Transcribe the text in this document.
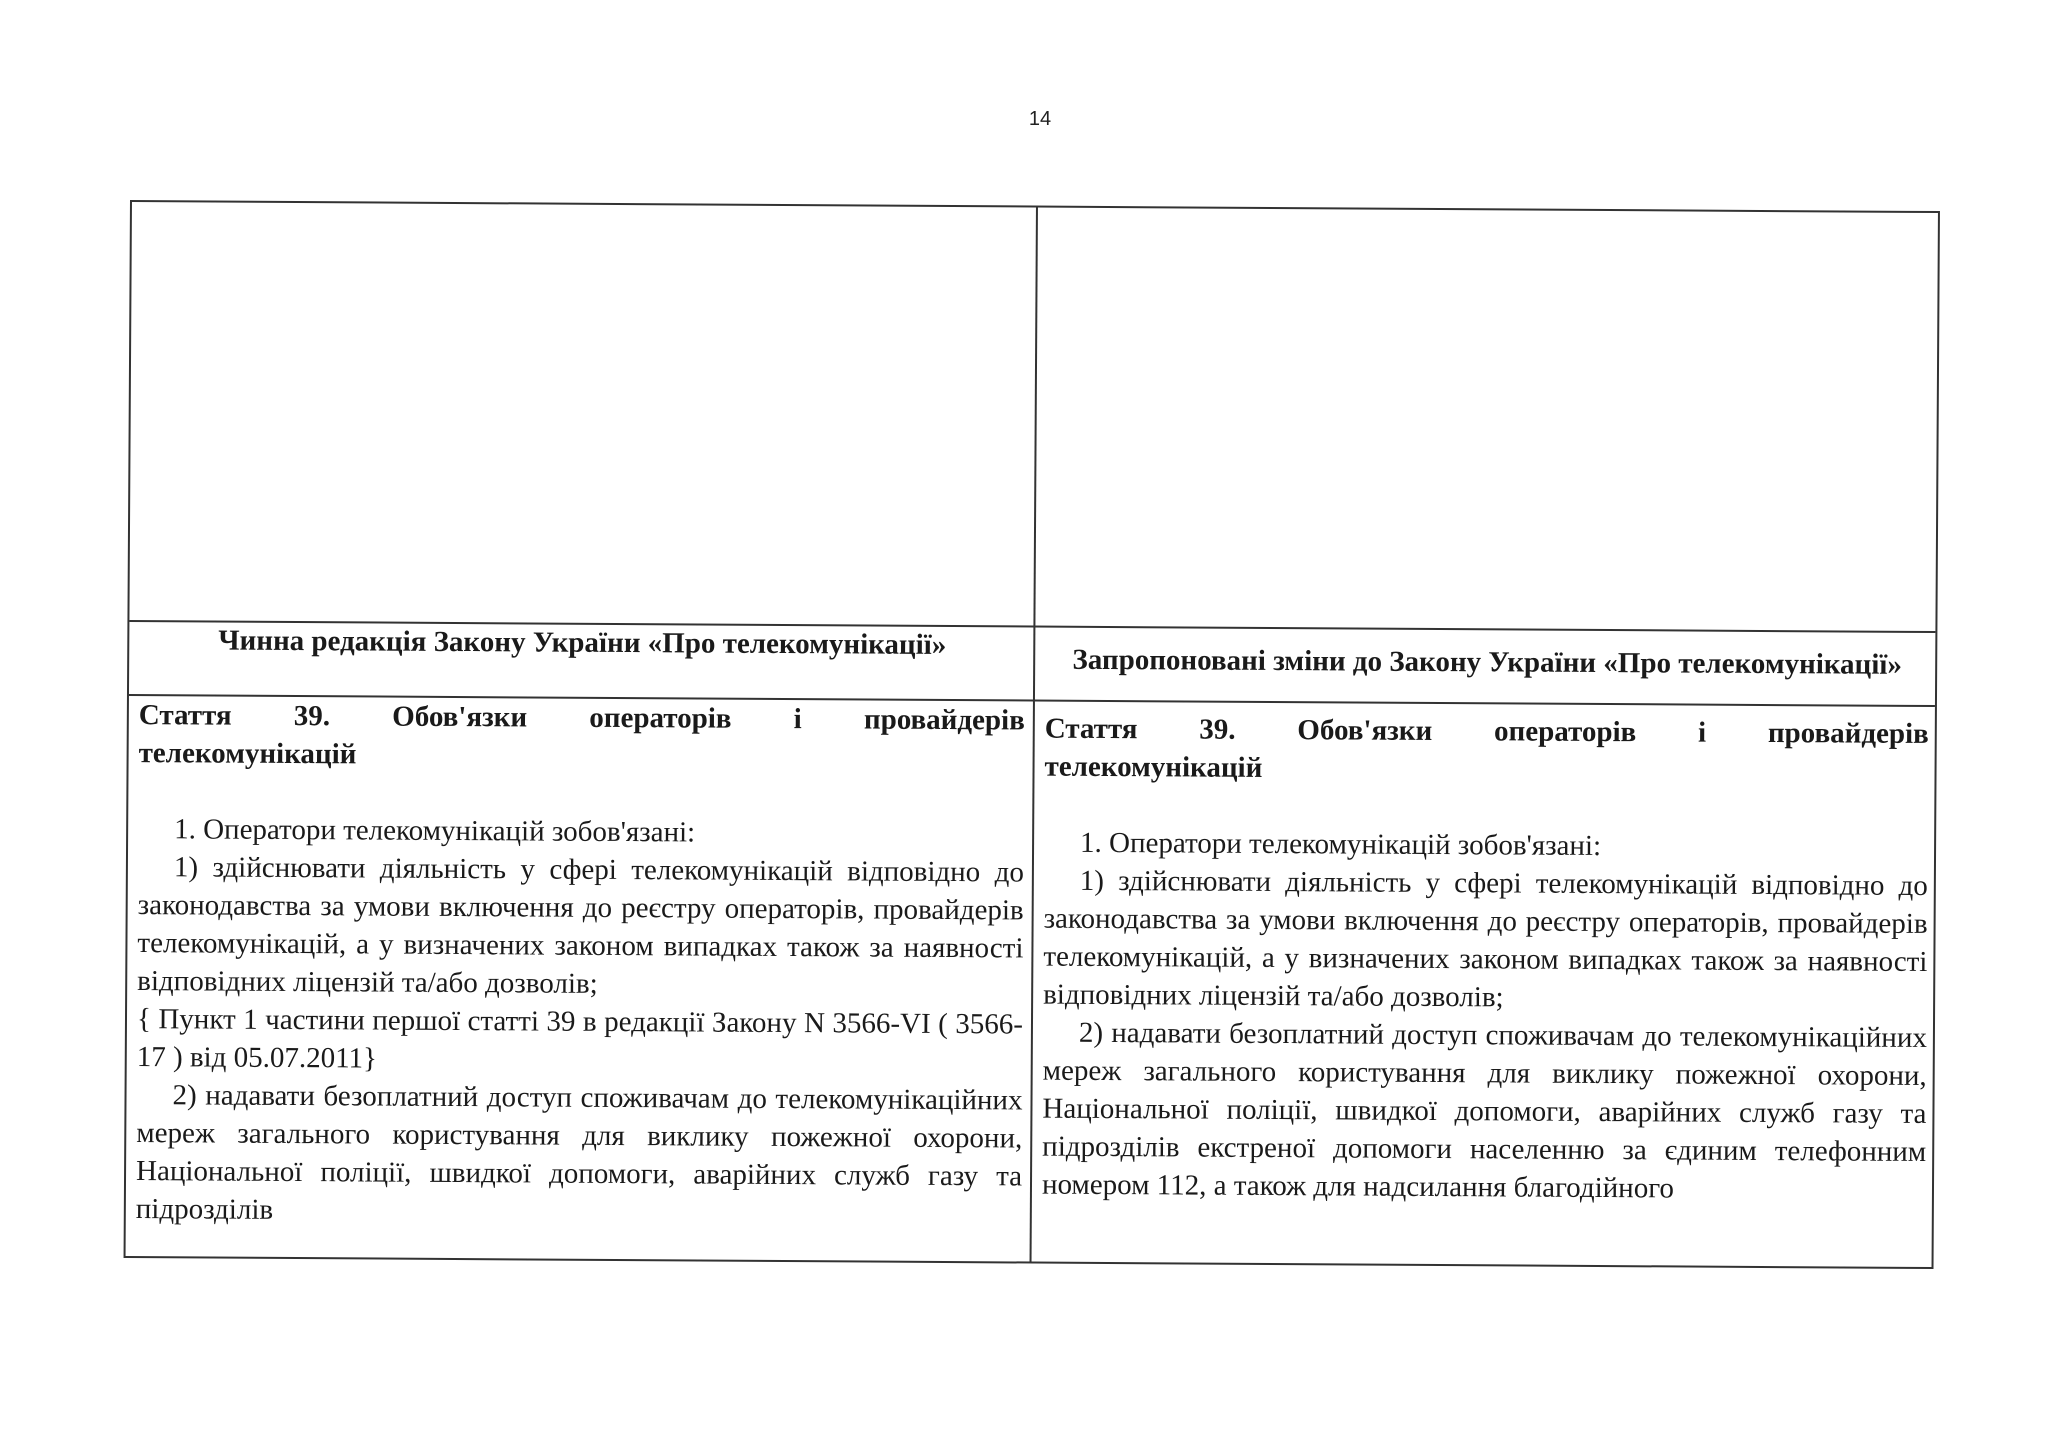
14
Чинна редакція Закону України «Про телекомунікації»
Запропоновані зміни до Закону України «Про телекомунікації»

Стаття 39. Обов'язки операторів і провайдерів телекомунікацій

1. Оператори телекомунікацій зобов'язані:

1) здійснювати діяльність у сфері телекомунікацій відповідно до законодавства за умови включення до реєстру операторів, провайдерів телекомунікацій, а у визначених законом випадках також за наявності відповідних ліцензій та/або дозволів;

{ Пункт 1 частини першої статті 39 в редакції Закону N 3566-VI ( 3566-17 ) від 05.07.2011}

2) надавати безоплатний доступ споживачам до телекомунікаційних мереж загального користування для виклику пожежної охорони, Національної поліції, швидкої допомоги, аварійних служб газу та підрозділів

Стаття 39. Обов'язки операторів і провайдерів телекомунікацій

1. Оператори телекомунікацій зобов'язані:

1) здійснювати діяльність у сфері телекомунікацій відповідно до законодавства за умови включення до реєстру операторів, провайдерів телекомунікацій, а у визначених законом випадках також за наявності відповідних ліцензій та/або дозволів;

2) надавати безоплатний доступ споживачам до телекомунікаційних мереж загального користування для виклику пожежної охорони, Національної поліції, швидкої допомоги, аварійних служб газу та підрозділів екстреної допомоги населенню за єдиним телефонним номером 112, а також для надсилання благодійного
